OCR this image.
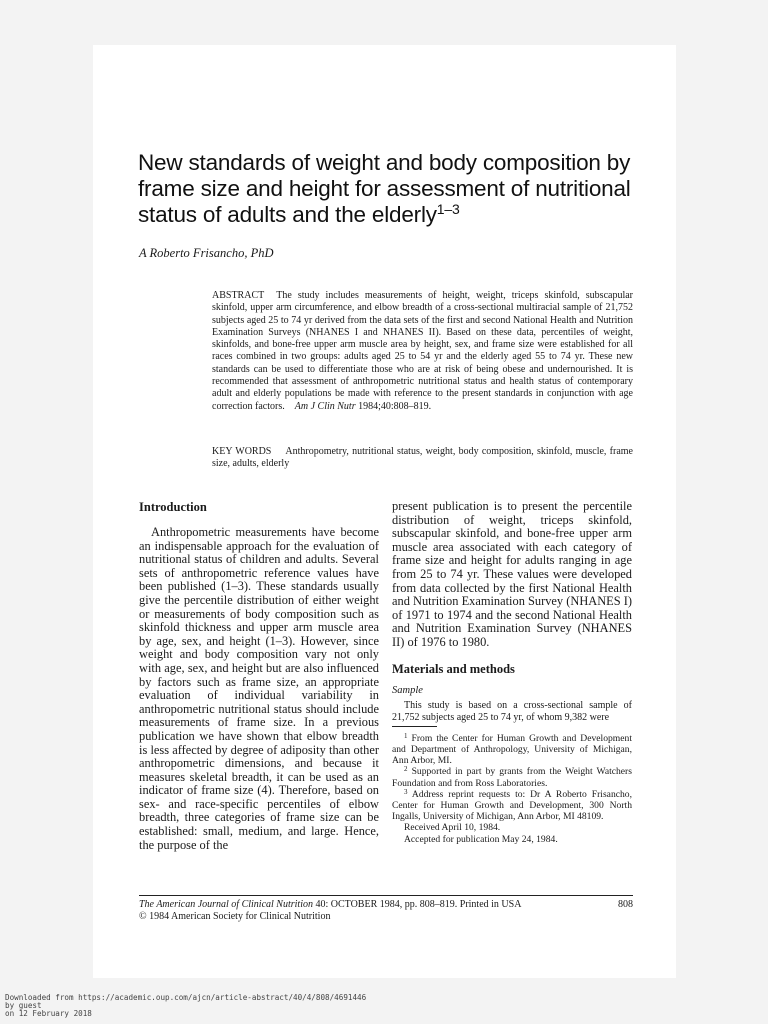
New standards of weight and body composition by frame size and height for assessment of nutritional status of adults and the elderly$^{1-3}$
A Roberto Frisancho, PhD

ABSTRACT The study includes measurements of height, weight, triceps skinfold, subscapular skinfold, upper arm circumference, and elbow breadth of a cross-sectional multiracial sample of 21,752 subjects aged 25 to 74 yr derived from the data sets of the first and second National Health and Nutrition Examination Surveys (NHANES I and NHANES II). Based on these data, percentiles of weight, skinfolds, and bone-free upper arm muscle area by height, sex, and frame size were established for all races combined in two groups: adults aged 25 to 54 yr and the elderly aged 55 to 74 yr. These new standards can be used to differentiate those who are at risk of being obese and undernourished. It is recommended that assessment of anthropometric nutritional status and health status of contemporary adult and elderly populations be made with reference to the present standards in conjunction with age correction factors. Am J Clin Nutr 1984;40:808–819.

KEY WORDS Anthropometry, nutritional status, weight, body composition, skinfold, muscle, frame size, adults, elderly

Introduction

Anthropometric measurements have become an indispensable approach for the evaluation of nutritional status of children and adults. Several sets of anthropometric reference values have been published (1–3). These standards usually give the percentile distribution of either weight or measurements of body composition such as skinfold thickness and upper arm muscle area by age, sex, and height (1–3). However, since weight and body composition vary not only with age, sex, and height but are also influenced by factors such as frame size, an appropriate evaluation of individual variability in anthropometric nutritional status should include measurements of frame size. In a previous publication we have shown that elbow breadth is less affected by degree of adiposity than other anthropometric dimensions, and because it measures skeletal breadth, it can be used as an indicator of frame size (4). Therefore, based on sex- and race-specific percentiles of elbow breadth, three categories of frame size can be established: small, medium, and large. Hence, the purpose of the

present publication is to present the percentile distribution of weight, triceps skinfold, subscapular skinfold, and bone-free upper arm muscle area associated with each category of frame size and height for adults ranging in age from 25 to 74 yr. These values were developed from data collected by the first National Health and Nutrition Examination Survey (NHANES I) of 1971 to 1974 and the second National Health and Nutrition Examination Survey (NHANES II) of 1976 to 1980.

Materials and methods
Sample

This study is based on a cross-sectional sample of 21,752 subjects aged 25 to 74 yr, of whom 9,382 were

$^1$ From the Center for Human Growth and Development and Department of Anthropology, University of Michigan, Ann Arbor, MI.

$^2$ Supported in part by grants from the Weight Watchers Foundation and from Ross Laboratories.

$^3$ Address reprint requests to: Dr A Roberto Frisancho, Center for Human Growth and Development, 300 North Ingalls, University of Michigan, Ann Arbor, MI 48109.

Received April 10, 1984.

Accepted for publication May 24, 1984.

The American Journal of Clinical Nutrition 40: OCTOBER 1984, pp. 808–819. Printed in USA
© 1984 American Society for Clinical Nutrition
808
Downloaded from https://academic.oup.com/ajcn/article-abstract/40/4/808/4691446
by guest
on 12 February 2018
